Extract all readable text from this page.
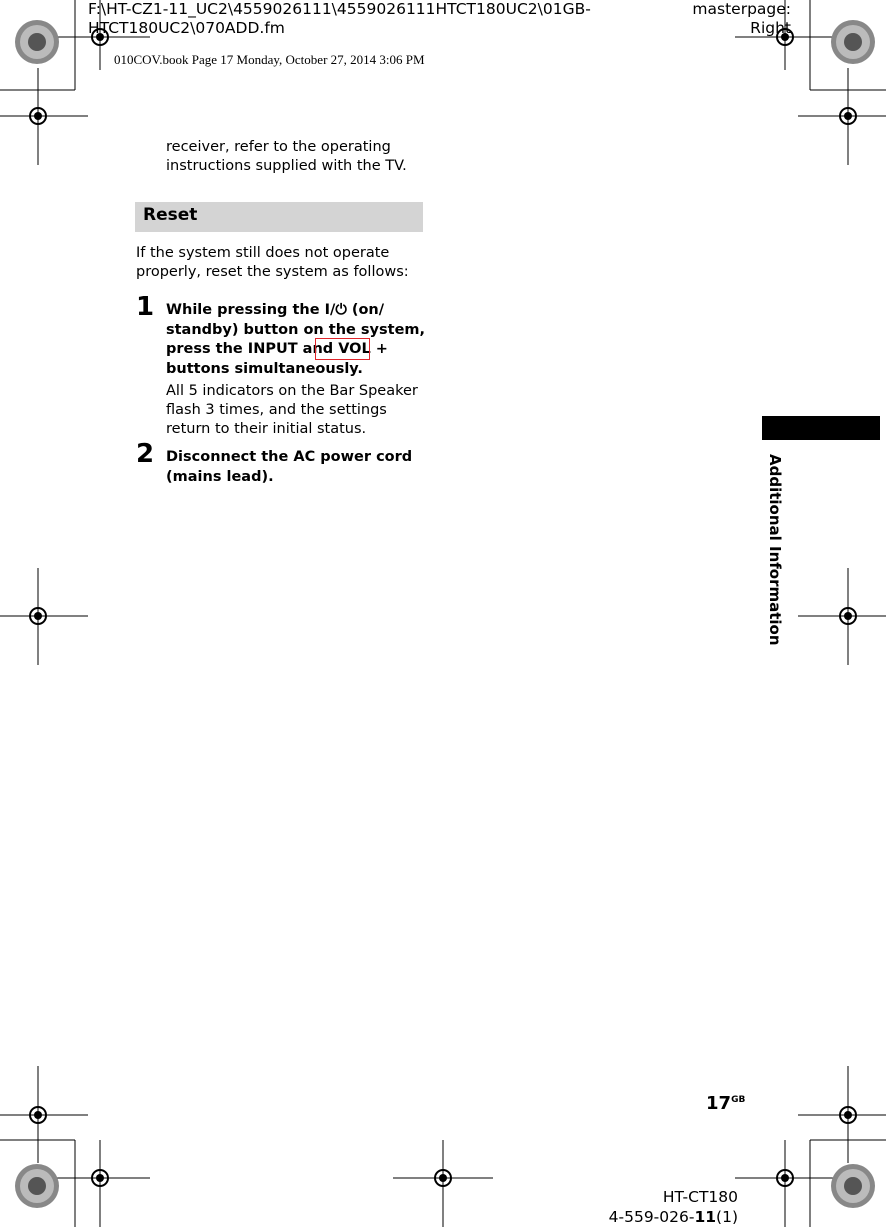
F:\HT-CZ1-11_UC2\4559026111\4559026111HTCT180UC2\01GB-
HTCT180UC2\070ADD.fm
masterpage:
Right
010COV.book Page 17 Monday, October 27, 2014 3:06 PM
receiver, refer to the operating instructions supplied with the TV.
Reset
If the system still does not operate properly, reset the system as follows:
1 While pressing the I/⏻ (on/ standby) button on the system, press the INPUT and VOL + buttons simultaneously.
All 5 indicators on the Bar Speaker flash 3 times, and the settings return to their initial status.
2 Disconnect the AC power cord (mains lead).	Additional Information
$17^{GB}$
HT-CT180
4-559-026-11(1)
